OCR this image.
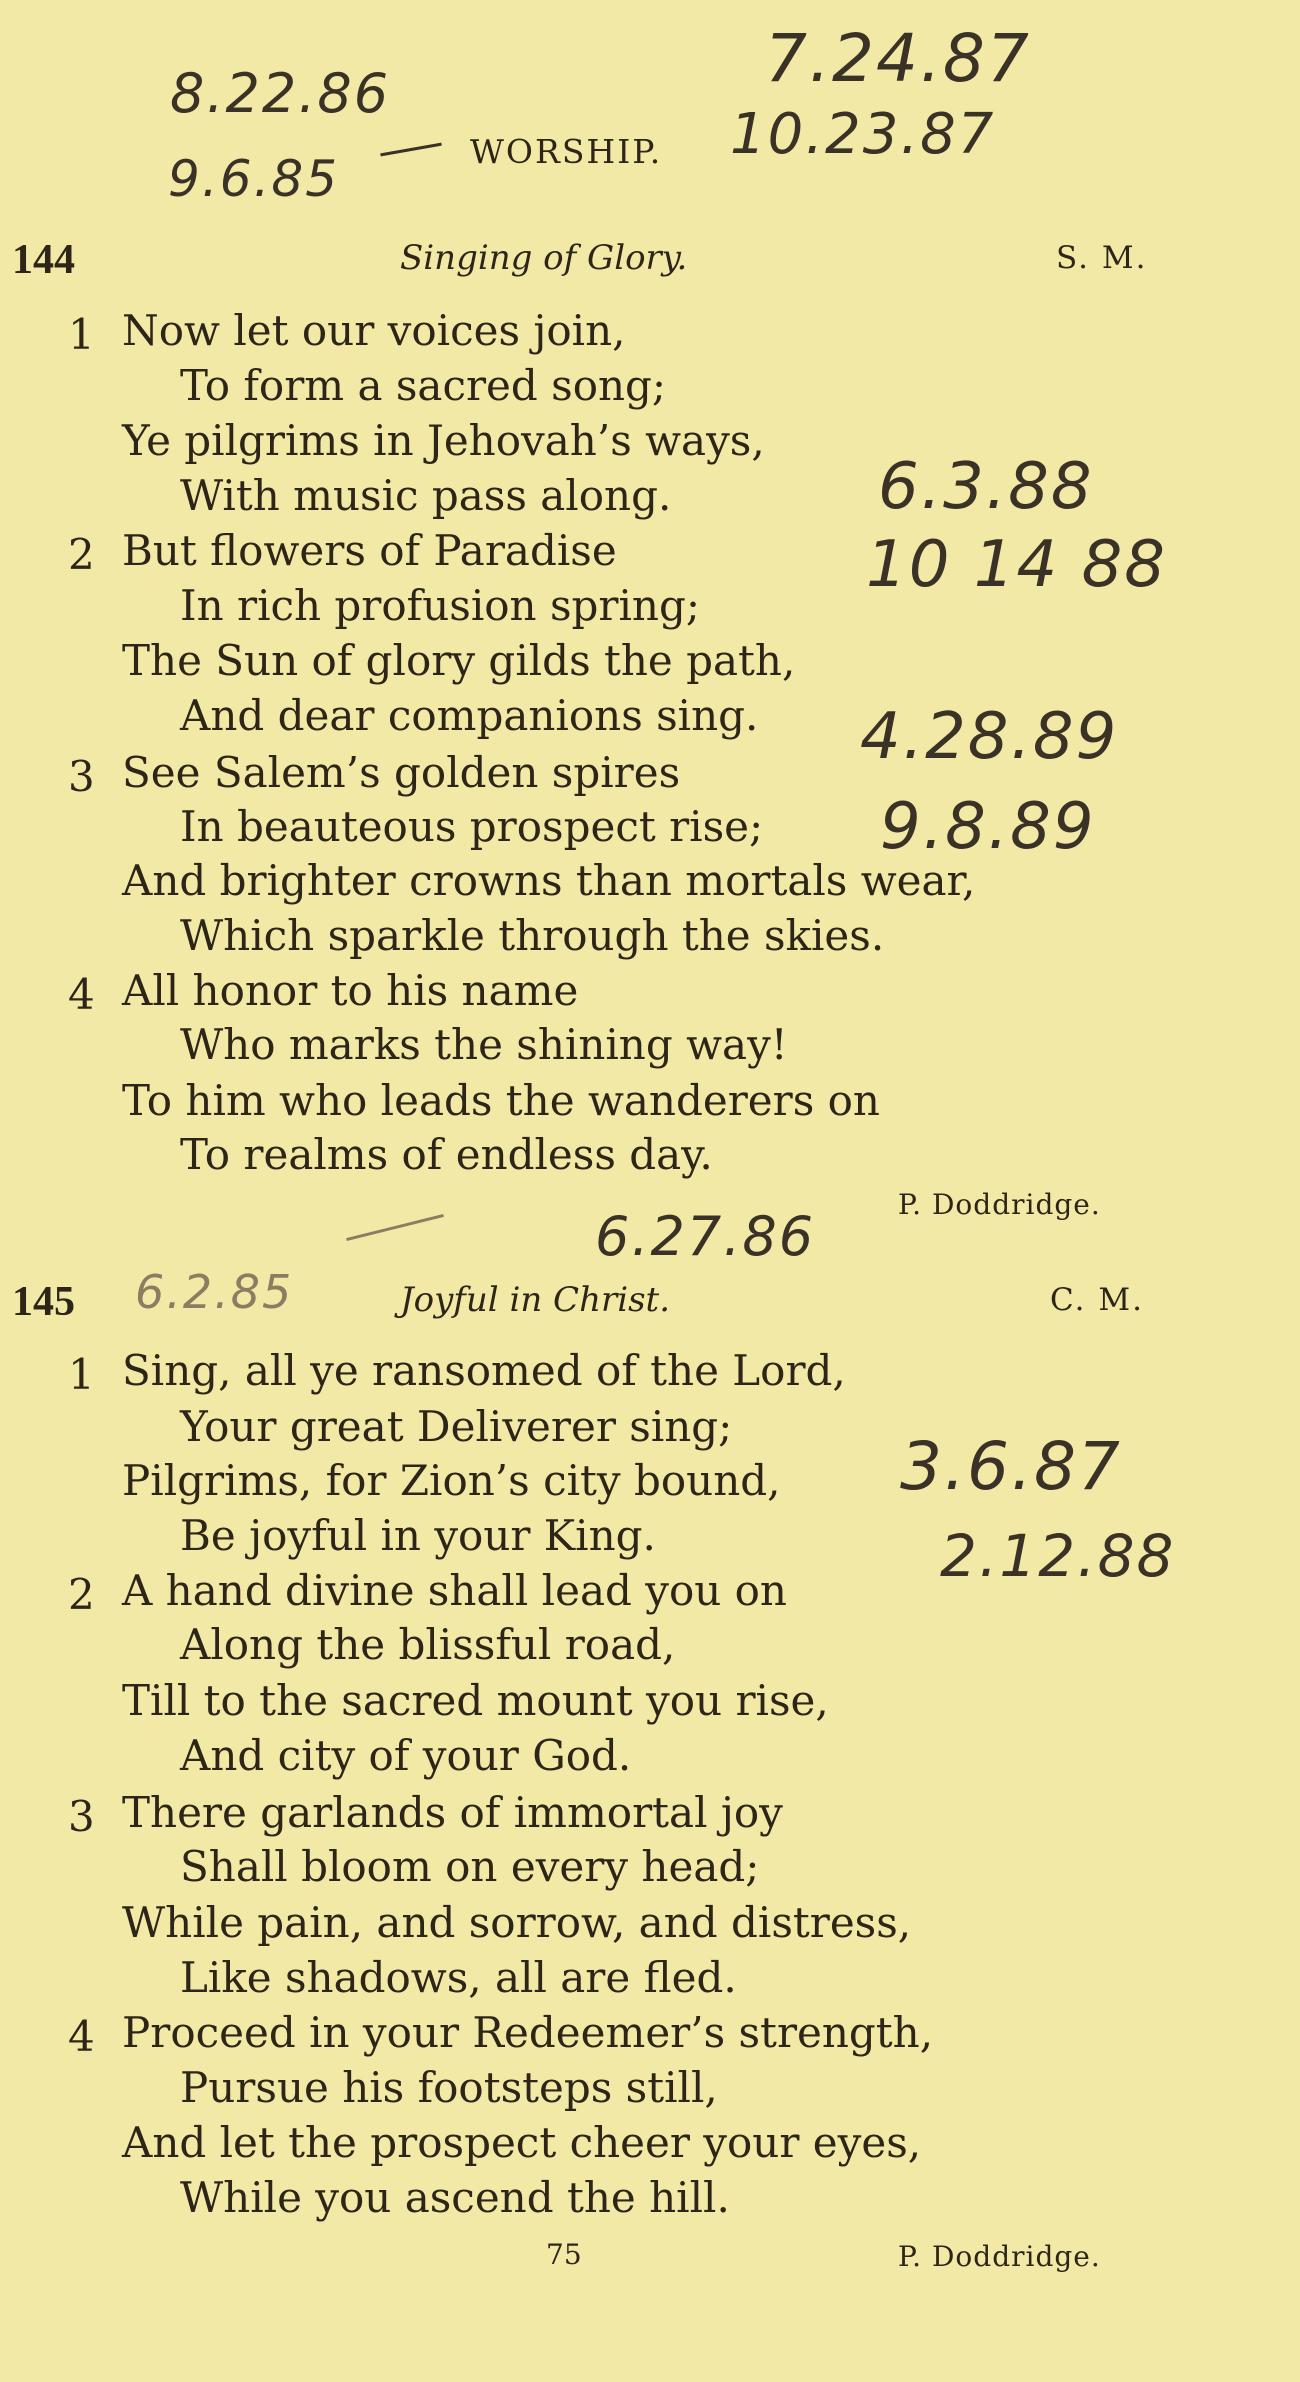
WORSHIP.
8.22.86
9.6.85
7.24.87
10.23.87
144	Singing of Glory.	S. M.
1 Now let our voices join,
To form a sacred song;
Ye pilgrims in Jehovah’s ways,
With music pass along.
2 But flowers of Paradise
In rich profusion spring;
The Sun of glory gilds the path,
And dear companions sing.
3 See Salem’s golden spires
In beauteous prospect rise;
And brighter crowns than mortals wear,
Which sparkle through the skies.
4 All honor to his name
Who marks the shining way!
To him who leads the wanderers on
To realms of endless day.
P. Doddridge.
6.3.88
10 14 88
4.28.89
9.8.89
145	Joyful in Christ.	C. M.
6.27.86
6.2.85
3.6.87
2.12.88
1 Sing, all ye ransomed of the Lord,
Your great Deliverer sing;
Pilgrims, for Zion’s city bound,
Be joyful in your King.
2 A hand divine shall lead you on
Along the blissful road,
Till to the sacred mount you rise,
And city of your God.
3 There garlands of immortal joy
Shall bloom on every head;
While pain, and sorrow, and distress,
Like shadows, all are fled.
4 Proceed in your Redeemer’s strength,
Pursue his footsteps still,
And let the prospect cheer your eyes,
While you ascend the hill.
75	P. Doddridge.
